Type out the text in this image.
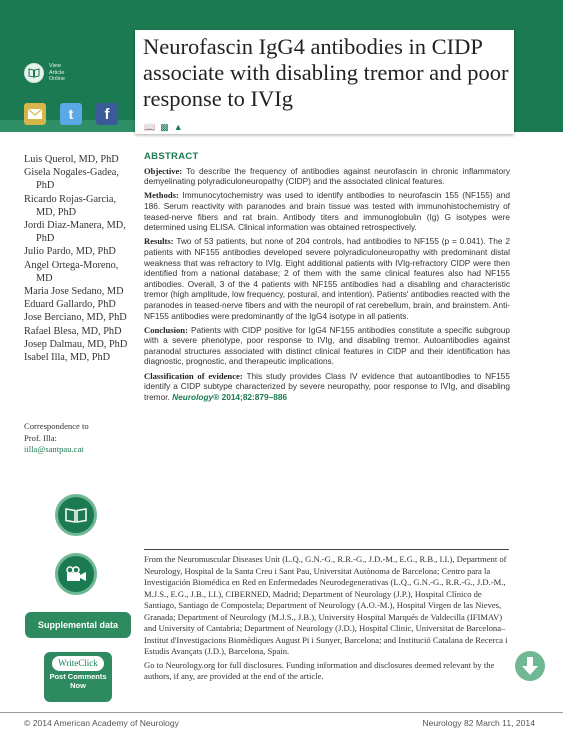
View
Article
Online
t f
Neurofascin IgG4 antibodies in CIDP associate with disabling tremor and poor response to IVIg
📖 ▩ ▲
Luis Querol, MD, PhD
Gisela Nogales-Gadea, PhD
Ricardo Rojas-Garcia, MD, PhD
Jordi Diaz-Manera, MD, PhD
Julio Pardo, MD, PhD
Angel Ortega-Moreno, MD
Maria Jose Sedano, MD
Eduard Gallardo, PhD
Jose Berciano, MD, PhD
Rafael Blesa, MD, PhD
Josep Dalmau, MD, PhD
Isabel Illa, MD, PhD
Correspondence to
Prof. Illa:
iilla@santpau.cat
ABSTRACT

Objective: To describe the frequency of antibodies against neurofascin in chronic inflammatory demyelinating polyradiculoneuropathy (CIDP) and the associated clinical features.

Methods: Immunocytochemistry was used to identify antibodies to neurofascin 155 (NF155) and 186. Serum reactivity with paranodes and brain tissue was tested with immunohistochemistry of teased-nerve fibers and rat brain. Antibody titers and immunoglobulin (Ig) G isotypes were determined using ELISA. Clinical information was obtained retrospectively.

Results: Two of 53 patients, but none of 204 controls, had antibodies to NF155 (p = 0.041). The 2 patients with NF155 antibodies developed severe polyradiculoneuropathy with predominant distal weakness that was refractory to IVIg. Eight additional patients with IVIg-refractory CIDP were then identified from a national database; 2 of them with the same clinical features also had NF155 antibodies. Overall, 3 of the 4 patients with NF155 antibodies had a disabling and characteristic tremor (high amplitude, low frequency, postural, and intention). Patients' antibodies reacted with the paranodes in teased-nerve fibers and with the neuropil of rat cerebellum, brain, and brainstem. Anti-NF155 antibodies were predominantly of the IgG4 isotype in all patients.

Conclusion: Patients with CIDP positive for IgG4 NF155 antibodies constitute a specific subgroup with a severe phenotype, poor response to IVIg, and disabling tremor. Autoantibodies against paranodal structures associated with distinct clinical features in CIDP and their identification has diagnostic, prognostic, and therapeutic implications.

Classification of evidence: This study provides Class IV evidence that autoantibodies to NF155 identify a CIDP subtype characterized by severe neuropathy, poor response to IVIg, and disabling tremor. Neurology® 2014;82:879–886

Supplemental data
WriteClick
Post Comments
Now

From the Neuromuscular Diseases Unit (L.Q., G.N.-G., R.R.-G., J.D.-M., E.G., R.B., I.I.), Department of Neurology, Hospital de la Santa Creu i Sant Pau, Universitat Autònoma de Barcelona; Centro para la Investigación Biomédica en Red en Enfermedades Neurodegenerativas (L.Q., G.N.-G., R.R.-G., J.D.-M., M.J.S., E.G., J.B., I.I.), CIBERNED, Madrid; Department of Neurology (J.P.), Hospital Clínico de Santiago, Santiago de Compostela; Department of Neurology (A.O.-M.), Hospital Virgen de las Nieves, Granada; Department of Neurology (M.J.S., J.B.), University Hospital Marqués de Valdecilla (IFIMAV) and University of Cantabria; Department of Neurology (J.D.), Hospital Clinic, Universitat de Barcelona–Institut d'Investigacions Biomèdiques August Pi i Sunyer, Barcelona; and Institució Catalana de Recerca i Estudis Avançats (J.D.), Barcelona, Spain.

Go to Neurology.org for full disclosures. Funding information and disclosures deemed relevant by the authors, if any, are provided at the end of the article.

© 2014 American Academy of Neurology	Neurology 82 March 11, 2014
